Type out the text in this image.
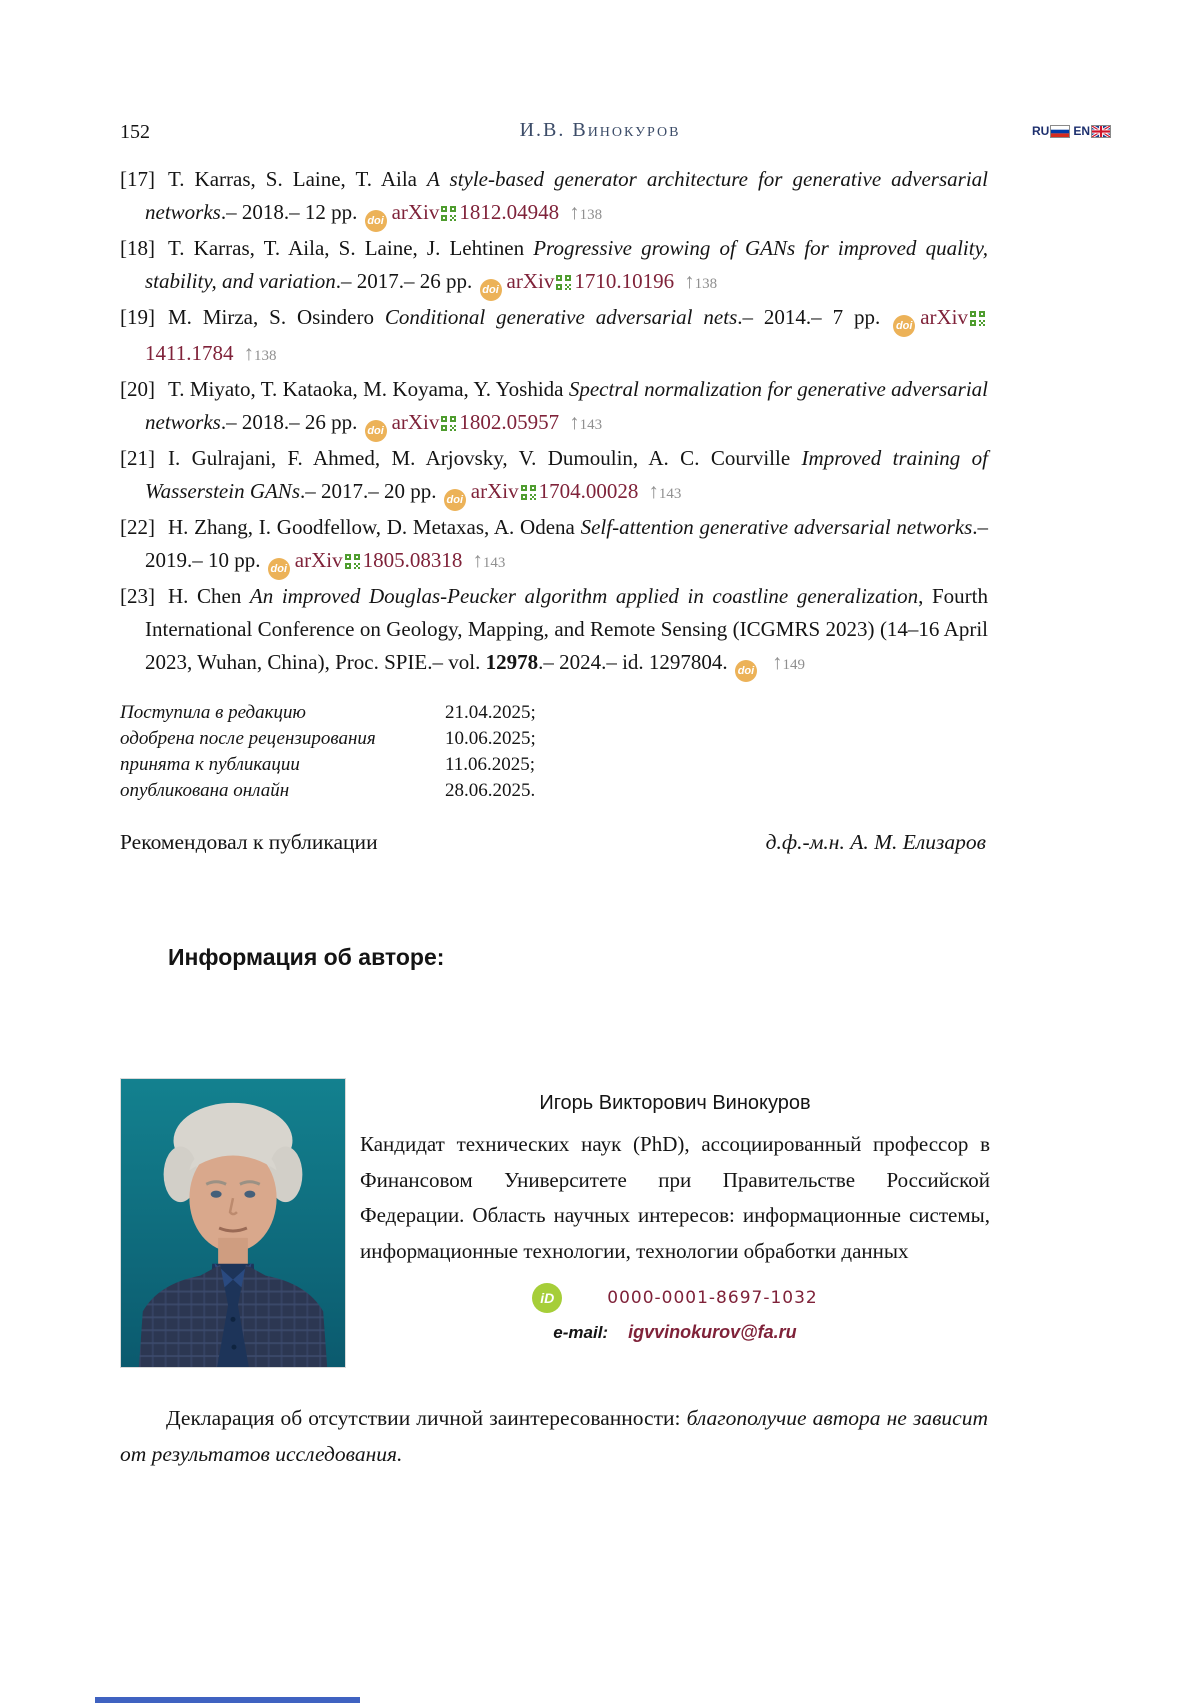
152	И.В. Винокуров	RU EN
[17] T. Karras, S. Laine, T. Aila A style-based generator architecture for generative adversarial networks.– 2018.– 12 pp. doi arXiv 1812.04948 ↑138
[18] T. Karras, T. Aila, S. Laine, J. Lehtinen Progressive growing of GANs for improved quality, stability, and variation.– 2017.– 26 pp. doi arXiv 1710.10196 ↑138
[19] M. Mirza, S. Osindero Conditional generative adversarial nets.– 2014.– 7 pp. doi arXiv1411.1784 ↑138
[20] T. Miyato, T. Kataoka, M. Koyama, Y. Yoshida Spectral normalization for generative adversarial networks.– 2018.– 26 pp. doi arXiv 1802.05957 ↑143
[21] I. Gulrajani, F. Ahmed, M. Arjovsky, V. Dumoulin, A. C. Courville Improved training of Wasserstein GANs.– 2017.– 20 pp. doi arXiv 1704.00028 ↑143
[22] H. Zhang, I. Goodfellow, D. Metaxas, A. Odena Self-attention generative adversarial networks.– 2019.– 10 pp. doi arXiv 1805.08318 ↑143
[23] H. Chen An improved Douglas-Peucker algorithm applied in coastline generalization, Fourth International Conference on Geology, Mapping, and Remote Sensing (ICGMRS 2023) (14–16 April 2023, Wuhan, China), Proc. SPIE.– vol. 12978.– 2024.– id. 1297804. doi ↑149
Поступила в редакцию	21.04.2025;
одобрена после рецензирования	10.06.2025;
принята к публикации	11.06.2025;
опубликована онлайн	28.06.2025.
Рекомендовал к публикации	д.ф.-м.н. А. М. Елизаров
Информация об авторе:
Игорь Викторович Винокуров
Кандидат технических наук (PhD), ассоциированный профессор в Финансовом Университете при Правительстве Российской Федерации. Область научных интересов: информационные системы, информационные технологии, технологии обработки данных
iD	0000-0001-8697-1032
e-mail: igvvinokurov@fa.ru
Декларация об отсутствии личной заинтересованности: благополучие автора не зависит от результатов исследования.
